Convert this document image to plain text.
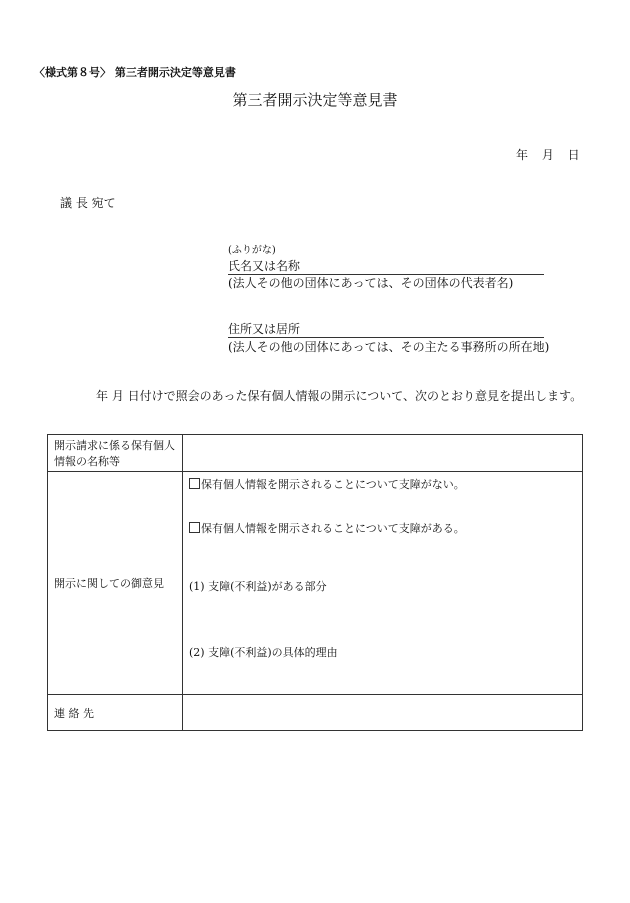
〈様式第８号〉 第三者開示決定等意見書
第三者開示決定等意見書
年 月 日
議 長 宛て
(ふりがな)
氏名又は名称
(法人その他の団体にあっては、その団体の代表者名)
住所又は居所
(法人その他の団体にあっては、その主たる事務所の所在地)
年 月 日付けで照会のあった保有個人情報の開示について、次のとおり意見を提出します。
開示請求に係る保有個人情報の名称等	
開示に関しての御意見	保有個人情報を開示されることについて支障がない。
保有個人情報を開示されることについて支障がある。
(1) 支障(不利益)がある部分
(2) 支障(不利益)の具体的理由

連 絡 先	
